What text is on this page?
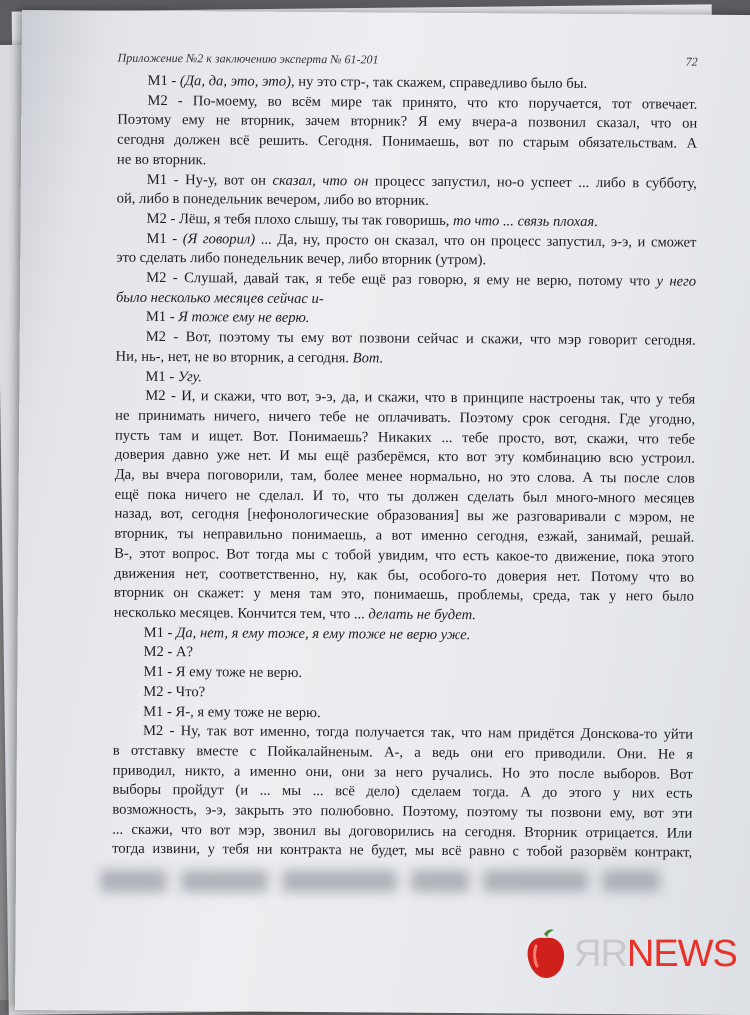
Приложение №2 к заключению эксперта № 61-201	72
М1 - (Да, да, это, это), ну это стр-, так скажем, справедливо было бы.
М2 - По-моему, во всём мире так принято, что кто поручается, тот отвечает.
Поэтому ему не вторник, зачем вторник? Я ему вчера-а позвонил сказал, что он
сегодня должен всё решить. Сегодня. Понимаешь, вот по старым обязательствам. А
не во вторник.
М1 - Ну-у, вот он сказал, что он процесс запустил, но-о успеет ... либо в субботу,
ой, либо в понедельник вечером, либо во вторник.
М2 - Лёш, я тебя плохо слышу, ты так говоришь, то что ... связь плохая.
М1 - (Я говорил) ... Да, ну, просто он сказал, что он процесс запустил, э-э, и сможет
это сделать либо понедельник вечер, либо вторник (утром).
М2 - Слушай, давай так, я тебе ещё раз говорю, я ему не верю, потому что у него
было несколько месяцев сейчас и-
М1 - Я тоже ему не верю.
М2 - Вот, поэтому ты ему вот позвони сейчас и скажи, что мэр говорит сегодня.
Ни, нь-, нет, не во вторник, а сегодня. Вот.
М1 - Угу.
М2 - И, и скажи, что вот, э-э, да, и скажи, что в принципе настроены так, что у тебя
не принимать ничего, ничего тебе не оплачивать. Поэтому срок сегодня. Где угодно,
пусть там и ищет. Вот. Понимаешь? Никаких ... тебе просто, вот, скажи, что тебе
доверия давно уже нет. И мы ещё разберёмся, кто вот эту комбинацию всю устроил.
Да, вы вчера поговорили, там, более менее нормально, но это слова. А ты после слов
ещё пока ничего не сделал. И то, что ты должен сделать был много-много месяцев
назад, вот, сегодня [нефонологические образования] вы же разговаривали с мэром, не
вторник, ты неправильно понимаешь, а вот именно сегодня, езжай, занимай, решай.
В-, этот вопрос. Вот тогда мы с тобой увидим, что есть какое-то движение, пока этого
движения нет, соответственно, ну, как бы, особого-то доверия нет. Потому что во
вторник он скажет: у меня там это, понимаешь, проблемы, среда, так у него было
несколько месяцев. Кончится тем, что ... делать не будет.
М1 - Да, нет, я ему тоже, я ему тоже не верю уже.
М2 - А?
М1 - Я ему тоже не верю.
М2 - Что?
М1 - Я-, я ему тоже не верю.
М2 - Ну, так вот именно, тогда получается так, что нам придётся Донскова-то уйти
в отставку вместе с Пойкалайненым. А-, а ведь они его приводили. Они. Не я
приводил, никто, а именно они, они за него ручались. Но это после выборов. Вот
выборы пройдут (и ... мы ... всё дело) сделаем тогда. А до этого у них есть
возможность, э-э, закрыть это полюбовно. Поэтому, поэтому ты позвони ему, вот эти
... скажи, что вот мэр, звонил вы договорились на сегодня. Вторник отрицается. Или
тогда извини, у тебя ни контракта не будет, мы всё равно с тобой разорвём контракт,
ЯRNEWS
